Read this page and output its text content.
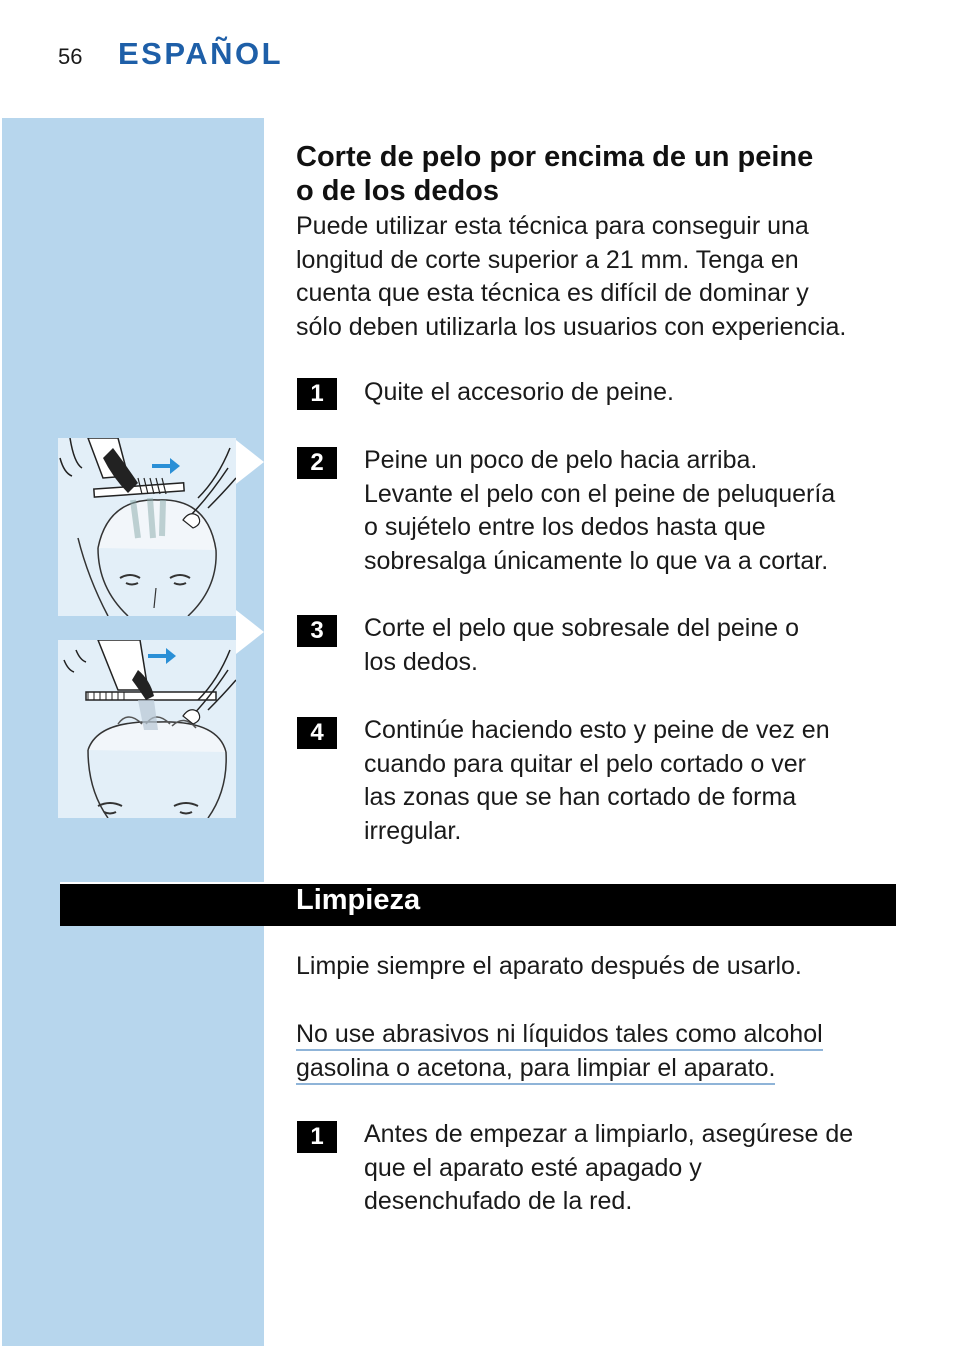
56 ESPAÑOL
Corte de pelo por encima de un peine
o de los dedos
Puede utilizar esta técnica para conseguir una
longitud de corte superior a 21 mm. Tenga en
cuenta que esta técnica es difícil de dominar y
sólo deben utilizarla los usuarios con experiencia.
1	Quite el accesorio de peine.
2	Peine un poco de pelo hacia arriba.
Levante el pelo con el peine de peluquería
o sujételo entre los dedos hasta que
sobresalga únicamente lo que va a cortar.
3	Corte el pelo que sobresale del peine o
los dedos.
4	Continúe haciendo esto y peine de vez en
cuando para quitar el pelo cortado o ver
las zonas que se han cortado de forma
irregular.
Limpieza
Limpie siempre el aparato después de usarlo.
No use abrasivos ni líquidos tales como alcohol
gasolina o acetona, para limpiar el aparato.
1	Antes de empezar a limpiarlo, asegúrese de
que el aparato esté apagado y
desenchufado de la red.
